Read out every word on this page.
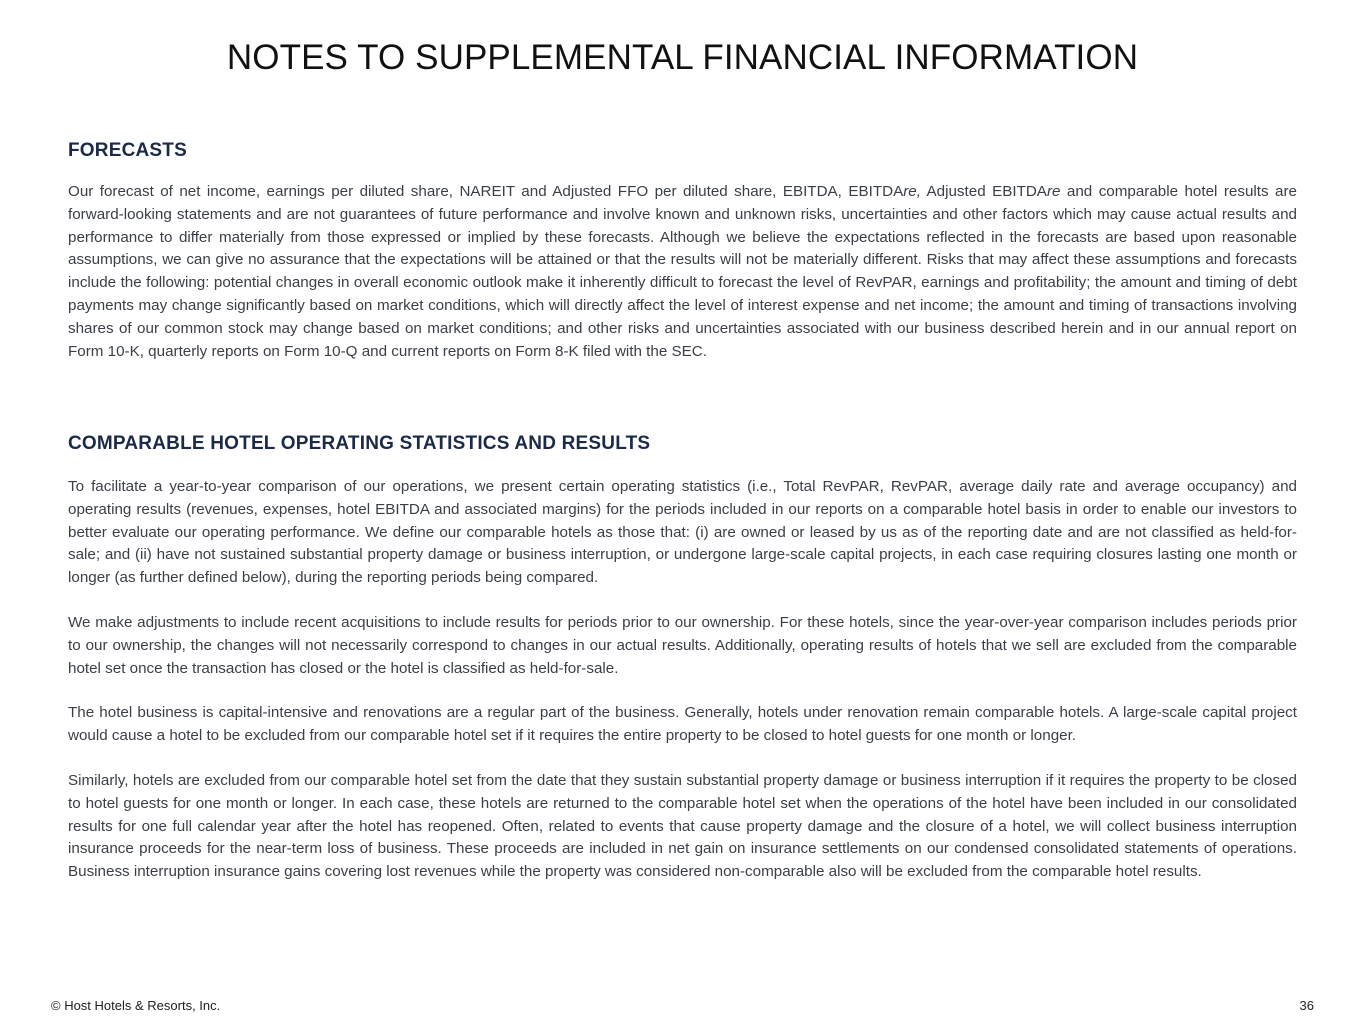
NOTES TO SUPPLEMENTAL FINANCIAL INFORMATION
FORECASTS

Our forecast of net income, earnings per diluted share, NAREIT and Adjusted FFO per diluted share, EBITDA, EBITDAre, Adjusted EBITDAre and comparable hotel results are forward-looking statements and are not guarantees of future performance and involve known and unknown risks, uncertainties and other factors which may cause actual results and performance to differ materially from those expressed or implied by these forecasts. Although we believe the expectations reflected in the forecasts are based upon reasonable assumptions, we can give no assurance that the expectations will be attained or that the results will not be materially different. Risks that may affect these assumptions and forecasts include the following: potential changes in overall economic outlook make it inherently difficult to forecast the level of RevPAR, earnings and profitability; the amount and timing of debt payments may change significantly based on market conditions, which will directly affect the level of interest expense and net income; the amount and timing of transactions involving shares of our common stock may change based on market conditions; and other risks and uncertainties associated with our business described herein and in our annual report on Form 10-K, quarterly reports on Form 10-Q and current reports on Form 8-K filed with the SEC.

COMPARABLE HOTEL OPERATING STATISTICS AND RESULTS

To facilitate a year-to-year comparison of our operations, we present certain operating statistics (i.e., Total RevPAR, RevPAR, average daily rate and average occupancy) and operating results (revenues, expenses, hotel EBITDA and associated margins) for the periods included in our reports on a comparable hotel basis in order to enable our investors to better evaluate our operating performance. We define our comparable hotels as those that: (i) are owned or leased by us as of the reporting date and are not classified as held-for-sale; and (ii) have not sustained substantial property damage or business interruption, or undergone large-scale capital projects, in each case requiring closures lasting one month or longer (as further defined below), during the reporting periods being compared.

We make adjustments to include recent acquisitions to include results for periods prior to our ownership. For these hotels, since the year-over-year comparison includes periods prior to our ownership, the changes will not necessarily correspond to changes in our actual results. Additionally, operating results of hotels that we sell are excluded from the comparable hotel set once the transaction has closed or the hotel is classified as held-for-sale.

The hotel business is capital-intensive and renovations are a regular part of the business. Generally, hotels under renovation remain comparable hotels. A large-scale capital project would cause a hotel to be excluded from our comparable hotel set if it requires the entire property to be closed to hotel guests for one month or longer.

Similarly, hotels are excluded from our comparable hotel set from the date that they sustain substantial property damage or business interruption if it requires the property to be closed to hotel guests for one month or longer. In each case, these hotels are returned to the comparable hotel set when the operations of the hotel have been included in our consolidated results for one full calendar year after the hotel has reopened. Often, related to events that cause property damage and the closure of a hotel, we will collect business interruption insurance proceeds for the near-term loss of business. These proceeds are included in net gain on insurance settlements on our condensed consolidated statements of operations. Business interruption insurance gains covering lost revenues while the property was considered non-comparable also will be excluded from the comparable hotel results.

© Host Hotels & Resorts, Inc.	36
